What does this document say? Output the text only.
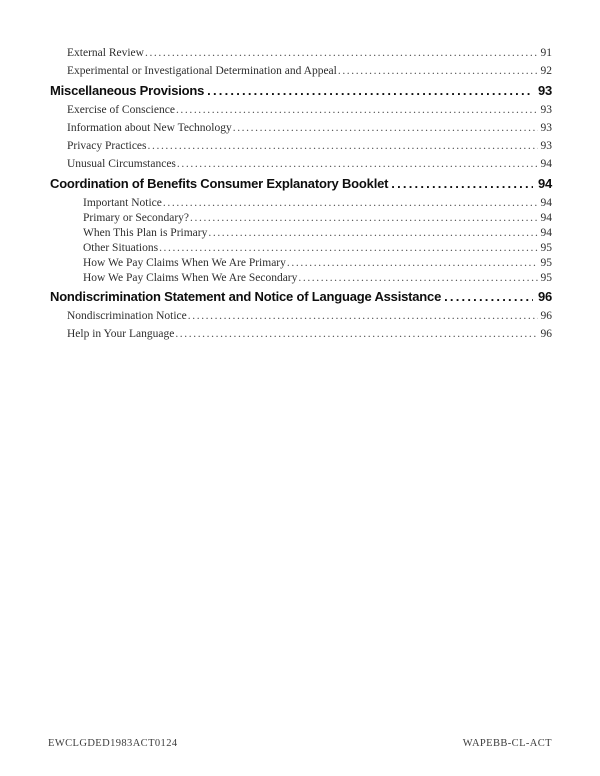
External Review .....	91
Experimental or Investigational Determination and Appeal .....	92
Miscellaneous Provisions .....	93
Exercise of Conscience .....	93
Information about New Technology .....	93
Privacy Practices .....	93
Unusual Circumstances .....	94
Coordination of Benefits Consumer Explanatory Booklet .....	94
Important Notice .....	94
Primary or Secondary? .....	94
When This Plan is Primary .....	94
Other Situations .....	95
How We Pay Claims When We Are Primary .....	95
How We Pay Claims When We Are Secondary .....	95
Nondiscrimination Statement and Notice of Language Assistance .....	96
Nondiscrimination Notice .....	96
Help in Your Language .....	96
EWCLGDED1983ACT0124	WAPEBB-CL-ACT
